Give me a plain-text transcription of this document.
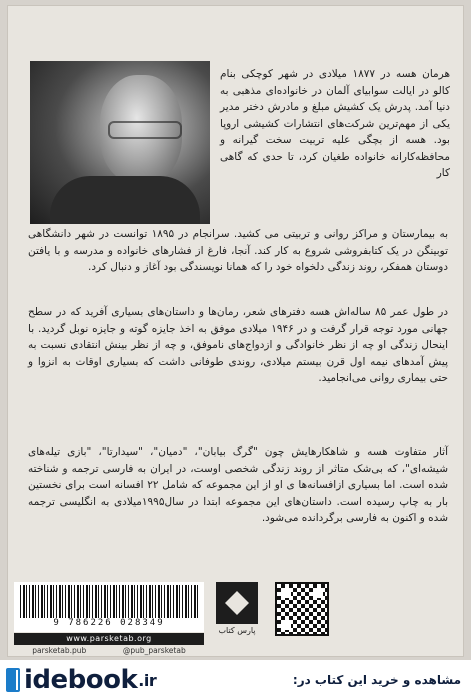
هرمان هسه در ۱۸۷۷ میلادی در شهر کوچکی بنام کالو در ایالت سوابیای آلمان در خانواده‌ای مذهبی به دنیا آمد. پدرش یک کشیش مبلغ و مادرش دختر مدیر یکی از مهم‌ترین شرکت‌های انتشارات کشیشی اروپا بود. هسه از بچگی علیه تربیت سخت گیرانه و محافظه‌کارانه خانواده طغیان کرد، تا حدی که گاهی کار
به بیمارستان و مراکز روانی و تربیتی می کشید. سرانجام در ۱۸۹۵ توانست در شهر دانشگاهی توبینگن در یک کتابفروشی شروع به کار کند. آنجا، فارغ از فشارهای خانواده و مدرسه و با یافتن دوستان همفکر، روند زندگی دلخواه خود را که همانا نویسندگی بود آغاز و دنبال کرد.
در طول عمر ۸۵ ساله‌اش هسه دفترهای شعر، رمان‌ها و داستان‌های بسیاری آفرید که در سطح جهانی مورد توجه قرار گرفت و در ۱۹۴۶ میلادی موفق به اخذ جایزه گوته و جایزه نوبل گردید. با اینحال زندگی او چه از نظر خانوادگی و ازدواج‌های ناموفق، و چه از نظر بینش انتقادی نسبت به پیش آمدهای نیمه اول قرن بیستم میلادی، روندی طوفانی داشت که بسیاری اوقات به انزوا و حتی بیماری روانی می‌انجامید.
آثار متفاوت هسه و شاهکارهایش چون "گرگ بیابان"، "دمیان"، "سیدارتا"، "بازی تیله‌های شیشه‌ای"، که بی‌شک متاثر از روند زندگی شخصی اوست، در ایران به فارسی ترجمه و شناخته شده است. اما بسیاری ازافسانه‌ها ی او از این مجموعه که شامل ۲۲ افسانه است برای نخستین بار به چاپ رسیده است. داستان‌های این مجموعه ابتدا در سال۱۹۹۵میلادی به انگلیسی ترجمه شده و اکنون به فارسی برگردانده می‌شود.
9 786226 028349
www.parsketab.org
parsketab.pub	@pub_parsketab
پارس کتاب
idebook .ir	مشاهده و خرید این کتاب در:
